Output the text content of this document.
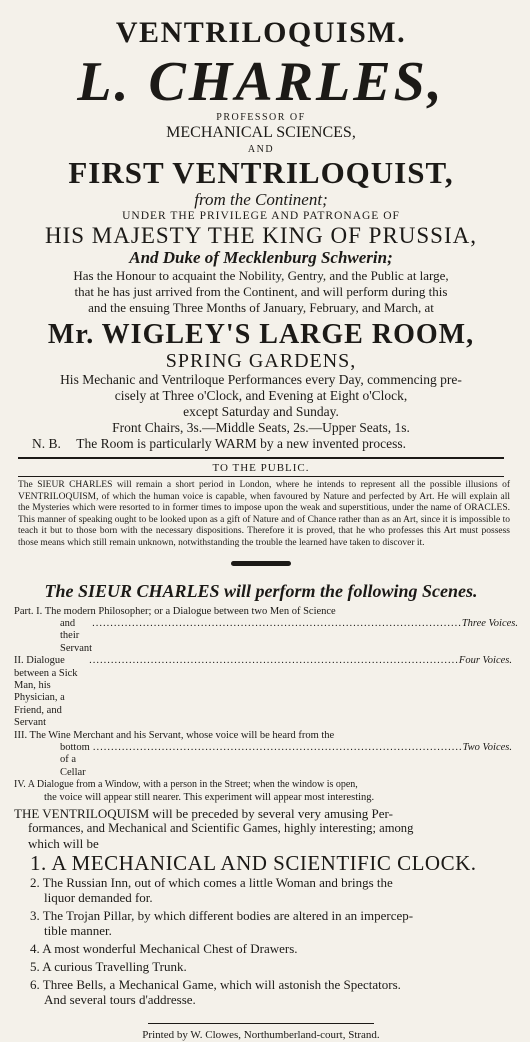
VENTRILOQUISM.
L. CHARLES,
PROFESSOR OF
MECHANICAL SCIENCES,
AND
FIRST VENTRILOQUIST,
from the Continent;
UNDER THE PRIVILEGE AND PATRONAGE OF
HIS MAJESTY THE KING OF PRUSSIA,
And Duke of Mecklenburg Schwerin;
Has the Honour to acquaint the Nobility, Gentry, and the Public at large,
that he has just arrived from the Continent, and will perform during this
and the ensuing Three Months of January, February, and March, at
Mr. WIGLEY'S LARGE ROOM,
SPRING GARDENS,
His Mechanic and Ventriloque Performances every Day, commencing pre-
cisely at Three o'Clock, and Evening at Eight o'Clock,
except Saturday and Sunday.
Front Chairs, 3s.—Middle Seats, 2s.—Upper Seats, 1s.
N. B. The Room is particularly WARM by a new invented process.
TO THE PUBLIC.
The SIEUR CHARLES will remain a short period in London, where he intends to represent all the possible illusions of VENTRILOQUISM, of which the human voice is capable, when favoured by Nature and perfected by Art. He will explain all the Mysteries which were resorted to in former times to impose upon the weak and superstitious, under the name of ORACLES. This manner of speaking ought to be looked upon as a gift of Nature and of Chance rather than as an Art, since it is impossible to teach it but to those born with the necessary dispositions. Therefore it is proved, that he who professes this Art must possess those means which still remain unknown, notwithstanding the trouble the learned have taken to discover it.
The SIEUR CHARLES will perform the following Scenes.
Part. I. The modern Philosopher; or a Dialogue between two Men of Science
and their Servant
...................................................................................................... Three Voices.
II. Dialogue between a Sick Man, his Physician, a Friend, and Servant
...................................................................................................... Four Voices.
III. The Wine Merchant and his Servant, whose voice will be heard from the
bottom of a Cellar
...................................................................................................... Two Voices.
IV. A Dialogue from a Window, with a person in the Street; when the window is open,
the voice will appear still nearer. This experiment will appear most interesting.
THE VENTRILOQUISM will be preceded by several very amusing Per-
formances, and Mechanical and Scientific Games, highly interesting; among
which will be
1. A MECHANICAL AND SCIENTIFIC CLOCK.
2. The Russian Inn, out of which comes a little Woman and brings the
liquor demanded for.
3. The Trojan Pillar, by which different bodies are altered in an impercep-
tible manner.
4. A most wonderful Mechanical Chest of Drawers.
5. A curious Travelling Trunk.
6. Three Bells, a Mechanical Game, which will astonish the Spectators.
And several tours d'addresse.
Printed by W. Clowes, Northumberland-court, Strand.
